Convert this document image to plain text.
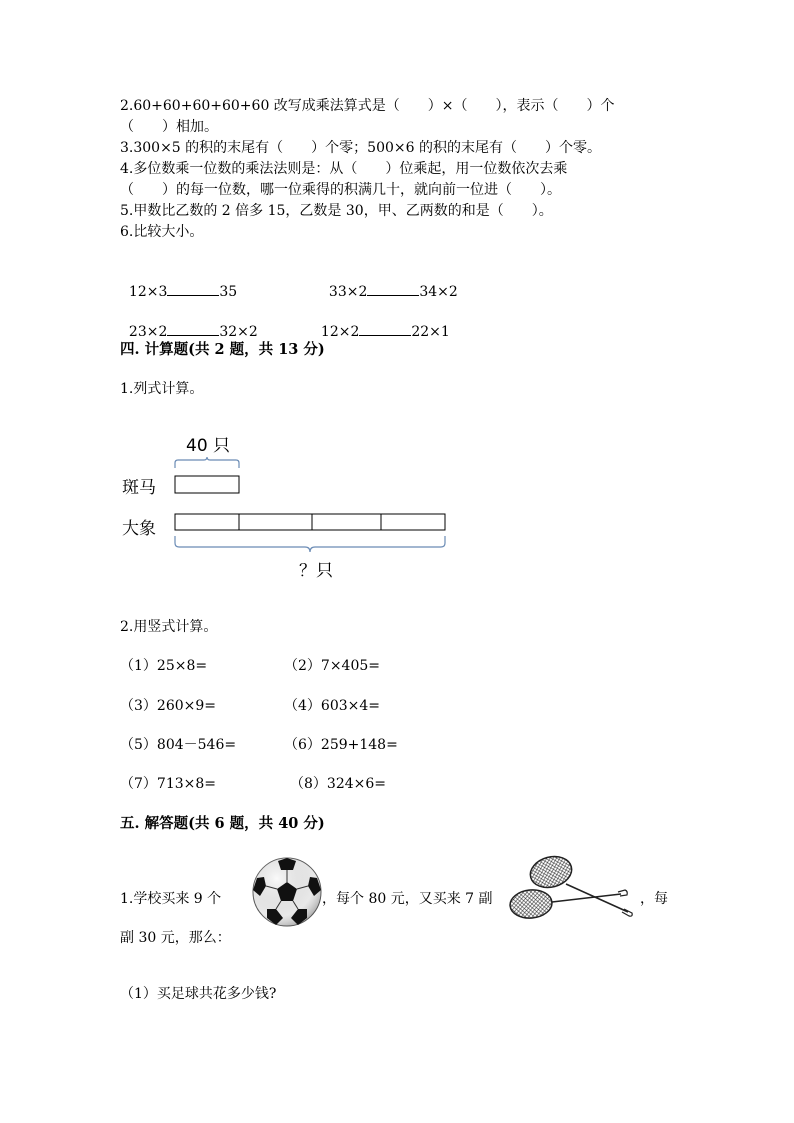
2.60+60+60+60+60 改写成乘法算式是（　　）×（　　），表示（　　）个
（　　）相加。
3.300×5 的积的末尾有（　　）个零；500×6 的积的末尾有（　　）个零。
4.多位数乘一位数的乘法法则是：从（　　）位乘起，用一位数依次去乘
（　　）的每一位数，哪一位乘得的积满几十，就向前一位进（　　）。
5.甲数比乙数的 2 倍多 15，乙数是 30，甲、乙两数的和是（　　）。
6.比较大小。

12×3	35	33×2	34×2

23×2	32×2	12×2	22×1

四. 计算题(共 2 题，共 13 分)
1.列式计算。
40 只
斑马
大象
？只
2.用竖式计算。
（1）25×8=	（2）7×405=
（3）260×9=	（4）603×4=
（5）804－546=	（6）259+148=
（7）713×8=	（8）324×6=
五. 解答题(共 6 题，共 40 分)
1.学校买来 9 个	，每个 80 元，又买来 7 副	，每
副 30 元，那么：
（1）买足球共花多少钱?
